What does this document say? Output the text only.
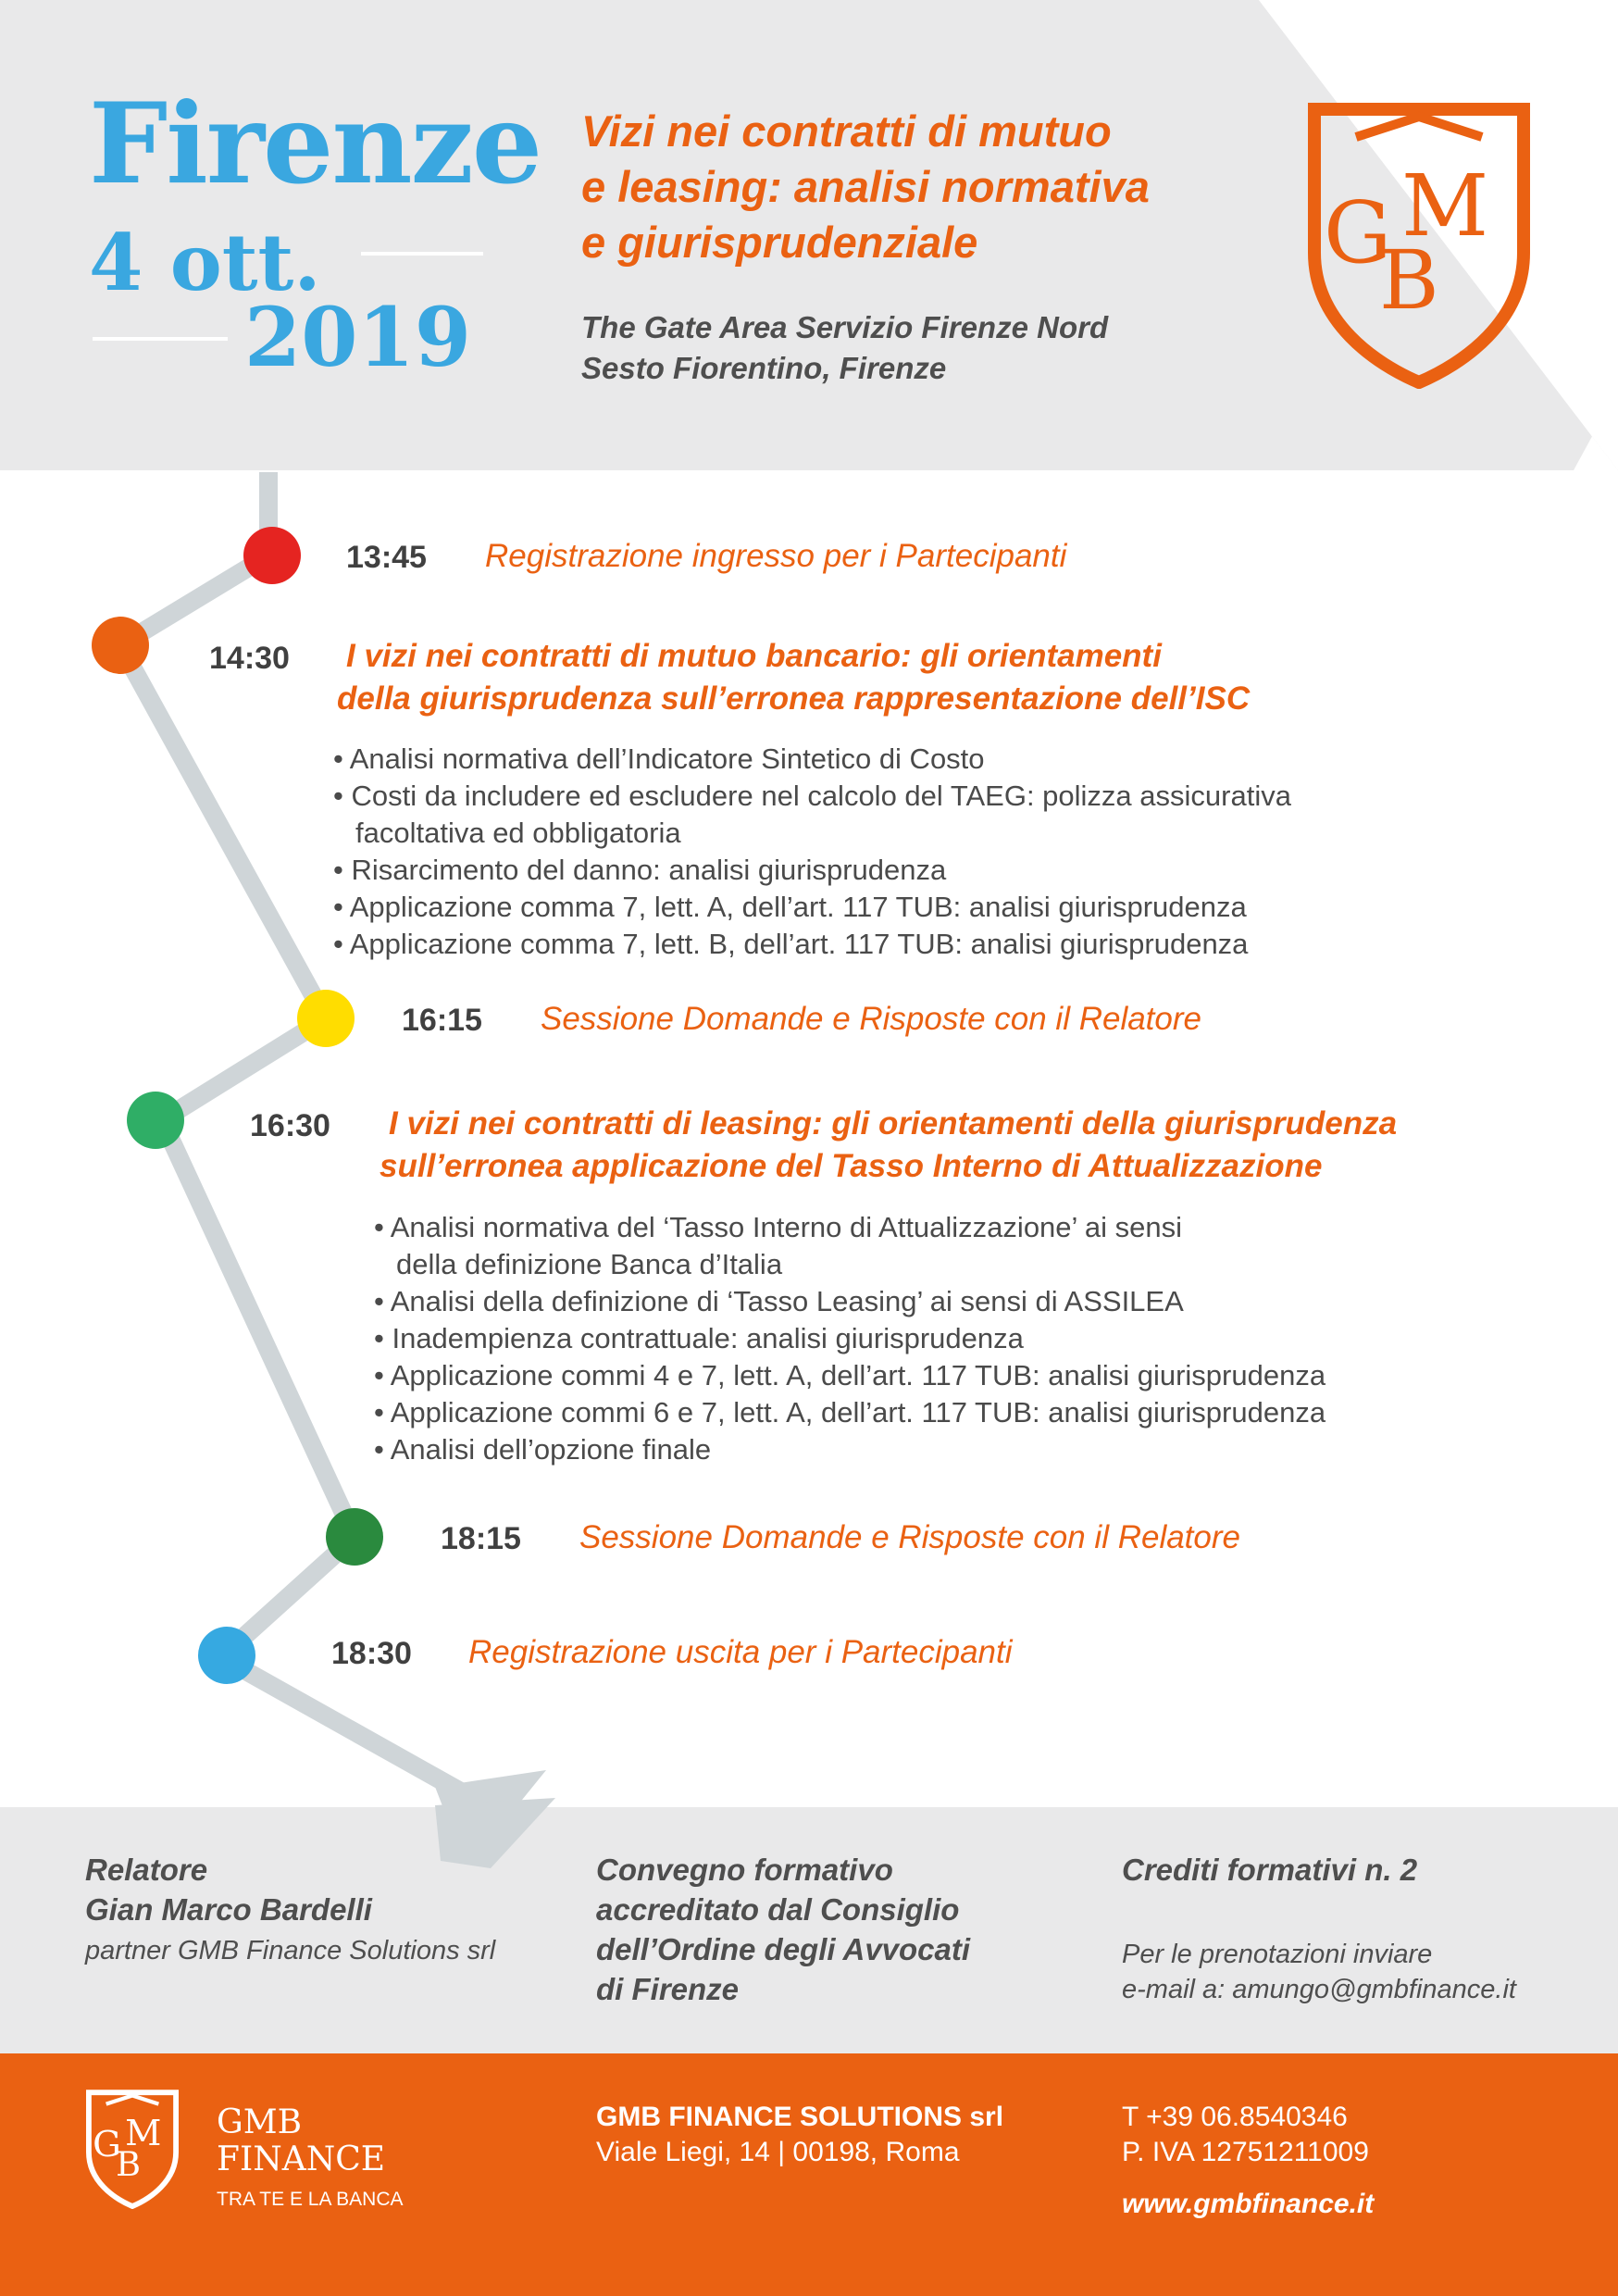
Firenze
4 ott.
2019
Vizi nei contratti di mutuo
e leasing: analisi normativa
e giurisprudenziale
The Gate Area Servizio Firenze Nord
Sesto Fiorentino, Firenze
G M
B
13:45 Registrazione ingresso per i Partecipanti
14:30 I vizi nei contratti di mutuo bancario: gli orientamenti
della giurisprudenza sull’erronea rappresentazione dell’ISC
• Analisi normativa dell’Indicatore Sintetico di Costo
• Costi da includere ed escludere nel calcolo del TAEG: polizza assicurativa
facoltativa ed obbligatoria
• Risarcimento del danno: analisi giurisprudenza
• Applicazione comma 7, lett. A, dell’art. 117 TUB: analisi giurisprudenza
• Applicazione comma 7, lett. B, dell’art. 117 TUB: analisi giurisprudenza
16:15 Sessione Domande e Risposte con il Relatore
16:30 I vizi nei contratti di leasing: gli orientamenti della giurisprudenza
sull’erronea applicazione del Tasso Interno di Attualizzazione
• Analisi normativa del ‘Tasso Interno di Attualizzazione’ ai sensi
della definizione Banca d’Italia
• Analisi della definizione di ‘Tasso Leasing’ ai sensi di ASSILEA
• Inadempienza contrattuale: analisi giurisprudenza
• Applicazione commi 4 e 7, lett. A, dell’art. 117 TUB: analisi giurisprudenza
• Applicazione commi 6 e 7, lett. A, dell’art. 117 TUB: analisi giurisprudenza
• Analisi dell’opzione finale
18:15 Sessione Domande e Risposte con il Relatore
18:30 Registrazione uscita per i Partecipanti
Relatore
Gian Marco Bardelli
partner GMB Finance Solutions srl
Convegno formativo
accreditato dal Consiglio
dell’Ordine degli Avvocati
di Firenze
Crediti formativi n. 2
Per le prenotazioni inviare
e-mail a: amungo@gmbfinance.it
G M
B
GMB
FINANCE
TRA TE E LA BANCA
GMB FINANCE SOLUTIONS srl
Viale Liegi, 14 | 00198, Roma
T +39 06.8540346
P. IVA 12751211009
www.gmbfinance.it
